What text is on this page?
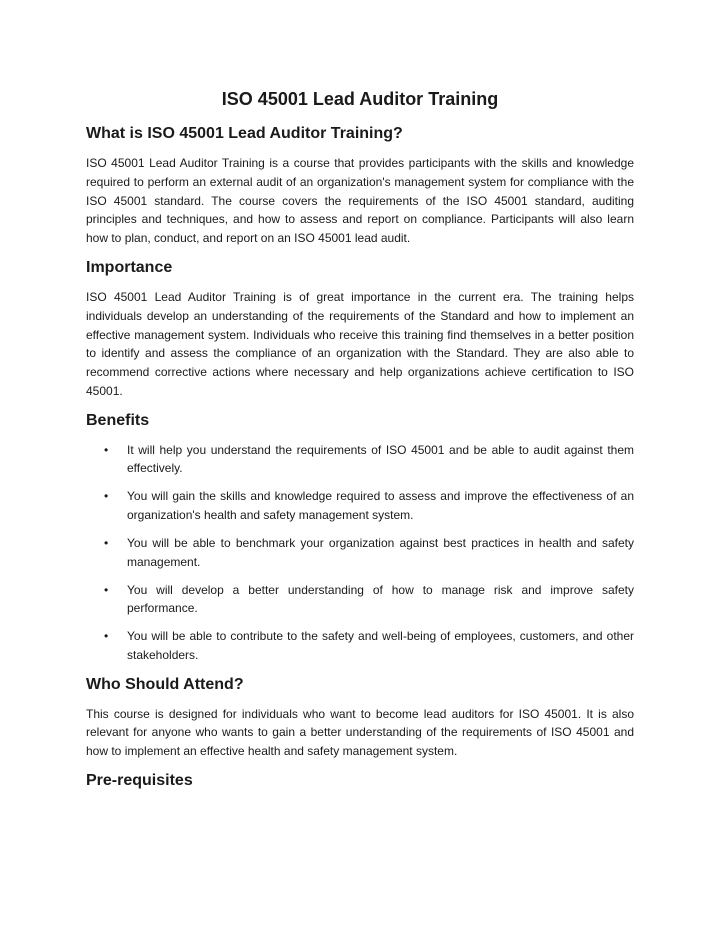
ISO 45001 Lead Auditor Training
What is ISO 45001 Lead Auditor Training?

ISO 45001 Lead Auditor Training is a course that provides participants with the skills and knowledge required to perform an external audit of an organization's management system for compliance with the ISO 45001 standard. The course covers the requirements of the ISO 45001 standard, auditing principles and techniques, and how to assess and report on compliance. Participants will also learn how to plan, conduct, and report on an ISO 45001 lead audit.

Importance

ISO 45001 Lead Auditor Training is of great importance in the current era. The training helps individuals develop an understanding of the requirements of the Standard and how to implement an effective management system. Individuals who receive this training find themselves in a better position to identify and assess the compliance of an organization with the Standard. They are also able to recommend corrective actions where necessary and help organizations achieve certification to ISO 45001.

Benefits
• It will help you understand the requirements of ISO 45001 and be able to audit against them effectively.
• You will gain the skills and knowledge required to assess and improve the effectiveness of an organization's health and safety management system.
• You will be able to benchmark your organization against best practices in health and safety management.
• You will develop a better understanding of how to manage risk and improve safety performance.
• You will be able to contribute to the safety and well-being of employees, customers, and other stakeholders.
Who Should Attend?

This course is designed for individuals who want to become lead auditors for ISO 45001. It is also relevant for anyone who wants to gain a better understanding of the requirements of ISO 45001 and how to implement an effective health and safety management system.

Pre-requisites
